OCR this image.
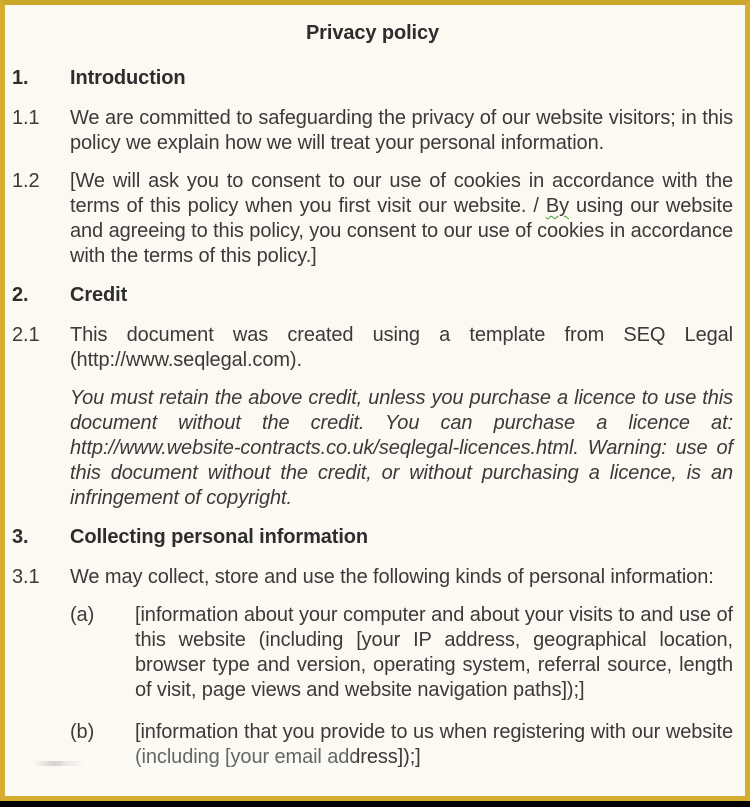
Privacy policy
1.	Introduction
1.1	We are committed to safeguarding the privacy of our website visitors; in this policy we explain how we will treat your personal information.
1.2	[We will ask you to consent to our use of cookies in accordance with the terms of this policy when you first visit our website. / By using our website and agreeing to this policy, you consent to our use of cookies in accordance with the terms of this policy.]
2.	Credit
2.1	This document was created using a template from SEQ Legal (http://www.seqlegal.com).
You must retain the above credit, unless you purchase a licence to use this document without the credit. You can purchase a licence at: http://www.website-contracts.co.uk/seqlegal-licences.html. Warning: use of this document without the credit, or without purchasing a licence, is an infringement of copyright.
3.	Collecting personal information
3.1	We may collect, store and use the following kinds of personal information:
(a)	[information about your computer and about your visits to and use of this website (including [your IP address, geographical location, browser type and version, operating system, referral source, length of visit, page views and website navigation paths]);]
(b)	[information that you provide to us when registering with our website (including [your email address]);]
